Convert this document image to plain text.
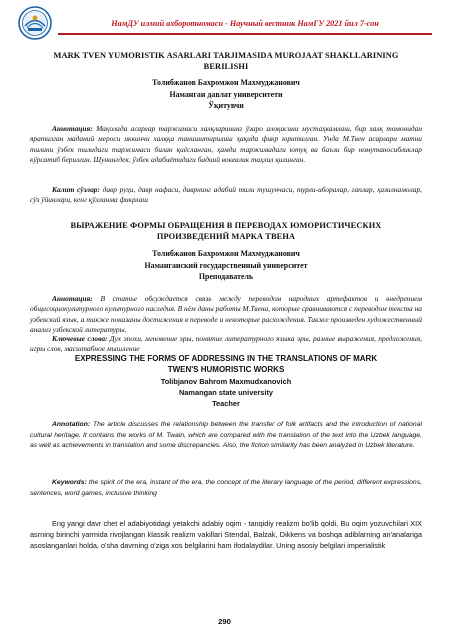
НамДУ илмий ахборотномаси - Научный вестник НамГУ 2021 йил 7-сон
MARK TVEN YUMORISTIK ASARLARI TARJIMASIDA MUROJAAT SHAKLLARINING
BERILISHI
Толибжанов Бахромжон Махмуджанович
Наманган давлат университети
Ўқитувчи
Аннотация: Мақолада асарлар таржимаси халқларининг ўзаро алоқасини мустаҳкамлаш, бир халқ томонидан яратилган маданий мероси иккинчи халққа танишитирилиш ҳақида фикр юритилган. Унда М.Твен асарлари матни тилини ўзбек тилидаги таржимаси билан қиёсланган, ҳамда таржимадаги ютуқ ва баъзи бир номутаносибликлар кўрсатиб берилган. Шунингдек, ўзбек адабиётидаги бадиий вокеалик таҳлил қилинган.
Калит сўзлар: давр руҳи, давр нафаси, даврнинг адабий тили тушунчаси, турли-иборалар, гаплар, ҳазилнамолар, сўз ўйинлари, кенг қўлланма фикрлаш
ВЫРАЖЕНИЕ ФОРМЫ ОБРАЩЕНИЯ В ПЕРЕВОДАХ ЮМОРИСТИЧЕСКИХ
ПРОИЗВЕДЕНИЙ МАРКА ТВЕНА
Толибжанов Бахромжон Махмуджанович
Наманганский государственный университет
Преподаватель
Аннотация: В статье обсуждается связь между переводом народных артефактов и внедрением общесоциокультурного культурного наследия. В нём даны работы М.Твена, которые сравниваются с переводом текста на узбекский язык, а также показаны достижения в переводе и некоторые расхождения. Также произведен художественный анализ узбекской литературы.
Ключевые слова: Дух эпохи, мгновение эры, понятие литературного языка эры, разные выражения, предложения, игры слов, масштабное мышление
EXPRESSING THE FORMS OF ADDRESSING IN THE TRANSLATIONS OF MARK
TWEN'S HUMORISTIC WORKS
Tolibjanov Bahrom Maxmudxanovich
Namangan state university
Teacher
Annotation: The article discusses the relationship between the transfer of folk artifacts and the introduction of national cultural heritage. It contains the works of M. Twain, which are compared with the translation of the text into the Uzbek language, as well as achievements in translation and some discrepancies. Also, the fiction similarity has been analyzed in Uzbek literature.
Keywords: the spirit of the era, instant of the era, the concept of the literary language of the period, different expressions, sentences, word games, inclusive thinking
Eng yangi davr chet el adabiyotidagi yetakchi adabiy oqim - tanqidiy realizm bo'lib qoldi. Bu oqim yozuvchilari XIX asrning birinchi yarmida rivojlangan klassik realizm vakillari Stendal, Balzak, Dikkens va boshqa adiblarning an'analariga asoslanganlari holda, o'sha davrning o'ziga xos belgilarini ham ifodalaydilar. Uning asosiy belgilari imperialistik
290
